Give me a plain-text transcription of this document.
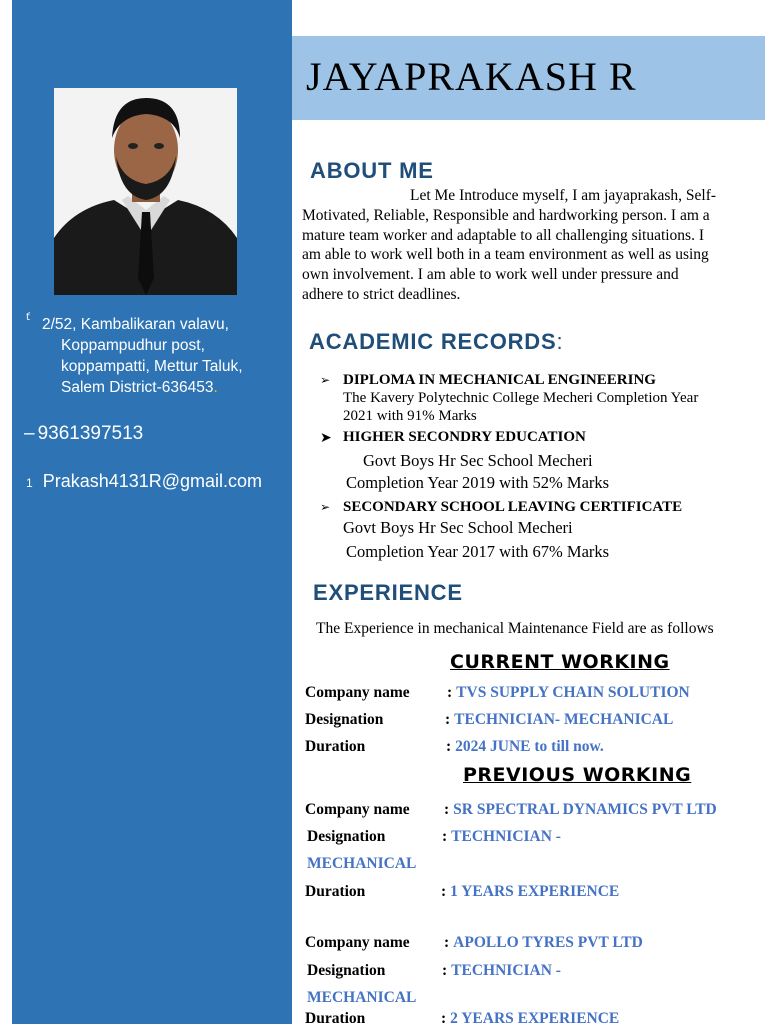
ť 2/52, Kambalikaran valavu,
Koppampudhur post,
koppampatti, Mettur Taluk,
Salem District-636453.
– 9361397513
1 Prakash4131R@gmail.com
JAYAPRAKASH R
ABOUT ME
Let Me Introduce myself, I am jayaprakash, Self-
Motivated, Reliable, Responsible and hardworking person. I am a
mature team worker and adaptable to all challenging situations. I
am able to work well both in a team environment as well as using
own involvement. I am able to work well under pressure and
adhere to strict deadlines.
ACADEMIC RECORDS:
➢ DIPLOMA IN MECHANICAL ENGINEERING
The Kavery Polytechnic College Mecheri Completion Year
2021 with 91% Marks
➤ HIGHER SECONDRY EDUCATION
Govt Boys Hr Sec School Mecheri
Completion Year 2019 with 52% Marks
➢ SECONDARY SCHOOL LEAVING CERTIFICATE
Govt Boys Hr Sec School Mecheri
Completion Year 2017 with 67% Marks
EXPERIENCE
The Experience in mechanical Maintenance Field are as follows
CURRENT WORKING
Company name : TVS SUPPLY CHAIN SOLUTION
Designation	: TECHNICIAN- MECHANICAL
Duration	: 2024 JUNE to till now.
PREVIOUS WORKING
Company name : SR SPECTRAL DYNAMICS PVT LTD
Designation	: TECHNICIAN -
MECHANICAL
Duration	: 1 YEARS EXPERIENCE
Company name : APOLLO TYRES PVT LTD
Designation	: TECHNICIAN -
MECHANICAL
Duration	: 2 YEARS EXPERIENCE
